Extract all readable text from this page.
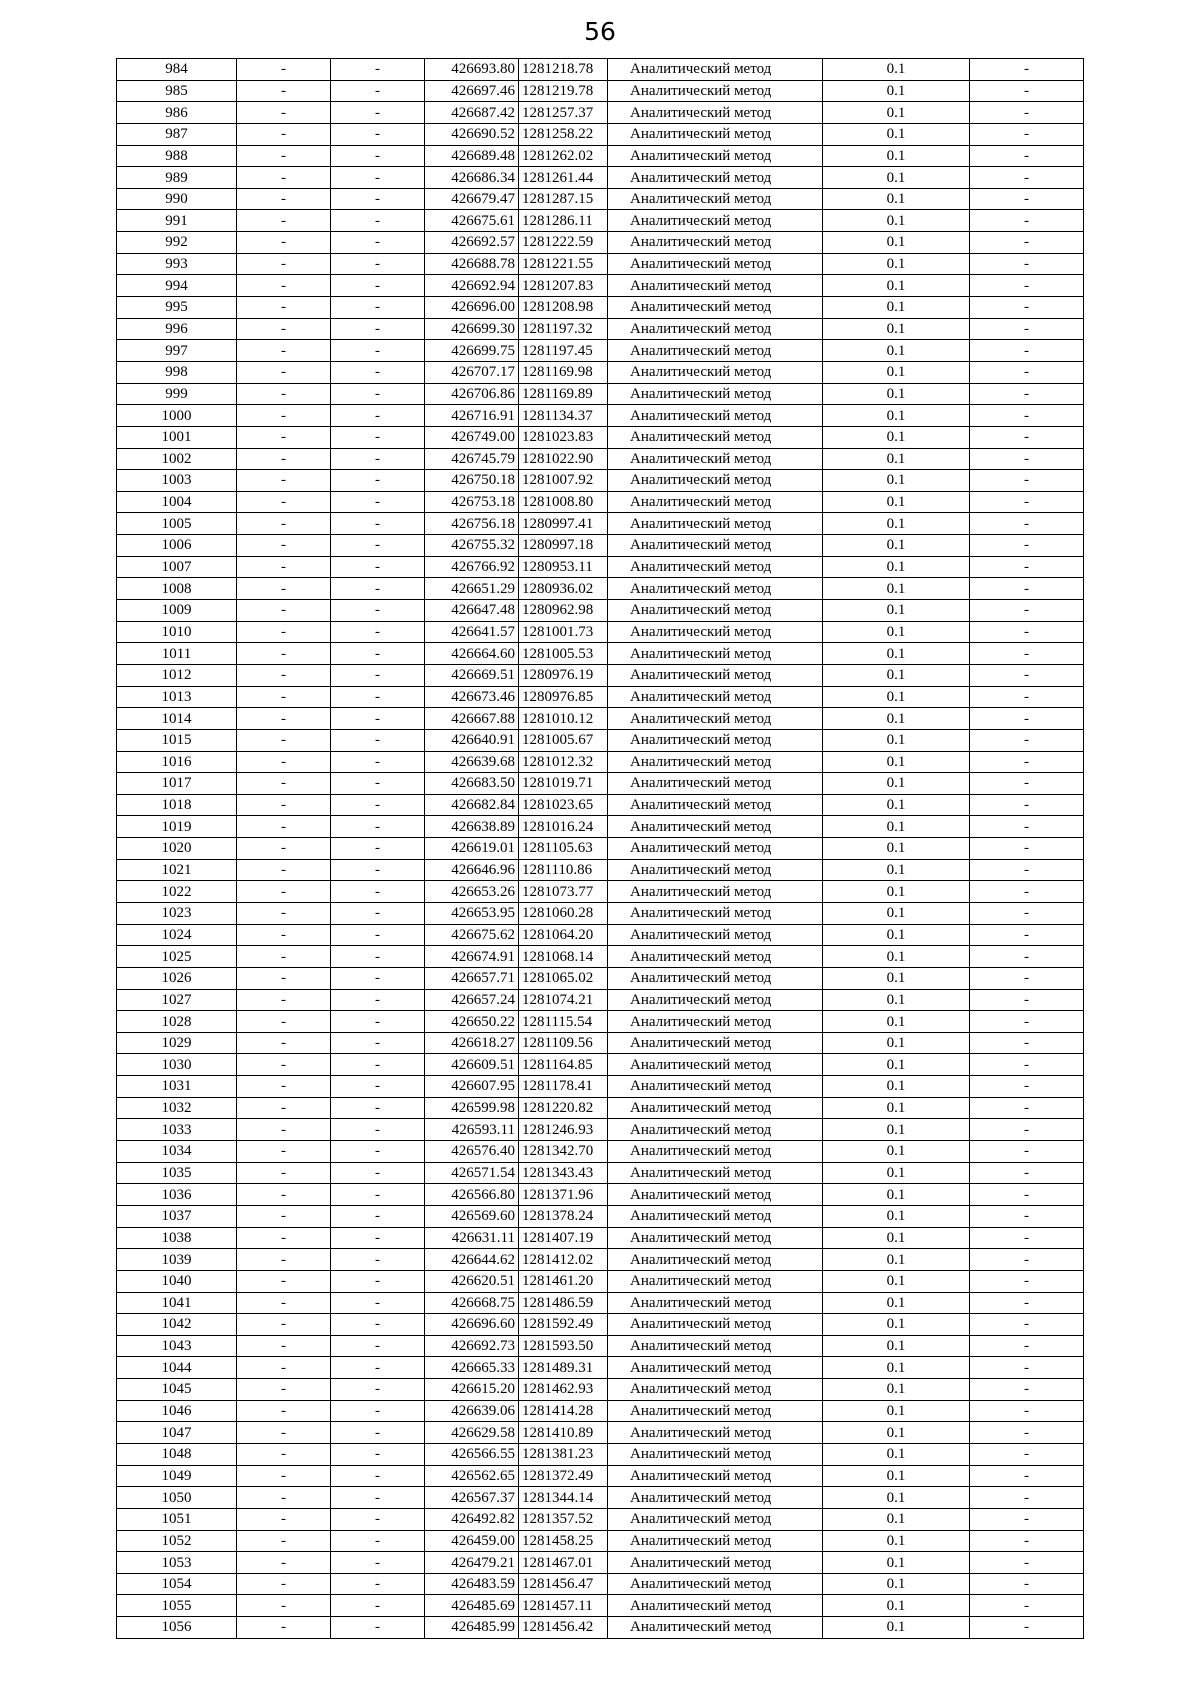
56
984	-	-	426693.80	1281218.78	Аналитический метод	0.1	-
985	-	-	426697.46	1281219.78	Аналитический метод	0.1	-
986	-	-	426687.42	1281257.37	Аналитический метод	0.1	-
987	-	-	426690.52	1281258.22	Аналитический метод	0.1	-
988	-	-	426689.48	1281262.02	Аналитический метод	0.1	-
989	-	-	426686.34	1281261.44	Аналитический метод	0.1	-
990	-	-	426679.47	1281287.15	Аналитический метод	0.1	-
991	-	-	426675.61	1281286.11	Аналитический метод	0.1	-
992	-	-	426692.57	1281222.59	Аналитический метод	0.1	-
993	-	-	426688.78	1281221.55	Аналитический метод	0.1	-
994	-	-	426692.94	1281207.83	Аналитический метод	0.1	-
995	-	-	426696.00	1281208.98	Аналитический метод	0.1	-
996	-	-	426699.30	1281197.32	Аналитический метод	0.1	-
997	-	-	426699.75	1281197.45	Аналитический метод	0.1	-
998	-	-	426707.17	1281169.98	Аналитический метод	0.1	-
999	-	-	426706.86	1281169.89	Аналитический метод	0.1	-
1000	-	-	426716.91	1281134.37	Аналитический метод	0.1	-
1001	-	-	426749.00	1281023.83	Аналитический метод	0.1	-
1002	-	-	426745.79	1281022.90	Аналитический метод	0.1	-
1003	-	-	426750.18	1281007.92	Аналитический метод	0.1	-
1004	-	-	426753.18	1281008.80	Аналитический метод	0.1	-
1005	-	-	426756.18	1280997.41	Аналитический метод	0.1	-
1006	-	-	426755.32	1280997.18	Аналитический метод	0.1	-
1007	-	-	426766.92	1280953.11	Аналитический метод	0.1	-
1008	-	-	426651.29	1280936.02	Аналитический метод	0.1	-
1009	-	-	426647.48	1280962.98	Аналитический метод	0.1	-
1010	-	-	426641.57	1281001.73	Аналитический метод	0.1	-
1011	-	-	426664.60	1281005.53	Аналитический метод	0.1	-
1012	-	-	426669.51	1280976.19	Аналитический метод	0.1	-
1013	-	-	426673.46	1280976.85	Аналитический метод	0.1	-
1014	-	-	426667.88	1281010.12	Аналитический метод	0.1	-
1015	-	-	426640.91	1281005.67	Аналитический метод	0.1	-
1016	-	-	426639.68	1281012.32	Аналитический метод	0.1	-
1017	-	-	426683.50	1281019.71	Аналитический метод	0.1	-
1018	-	-	426682.84	1281023.65	Аналитический метод	0.1	-
1019	-	-	426638.89	1281016.24	Аналитический метод	0.1	-
1020	-	-	426619.01	1281105.63	Аналитический метод	0.1	-
1021	-	-	426646.96	1281110.86	Аналитический метод	0.1	-
1022	-	-	426653.26	1281073.77	Аналитический метод	0.1	-
1023	-	-	426653.95	1281060.28	Аналитический метод	0.1	-
1024	-	-	426675.62	1281064.20	Аналитический метод	0.1	-
1025	-	-	426674.91	1281068.14	Аналитический метод	0.1	-
1026	-	-	426657.71	1281065.02	Аналитический метод	0.1	-
1027	-	-	426657.24	1281074.21	Аналитический метод	0.1	-
1028	-	-	426650.22	1281115.54	Аналитический метод	0.1	-
1029	-	-	426618.27	1281109.56	Аналитический метод	0.1	-
1030	-	-	426609.51	1281164.85	Аналитический метод	0.1	-
1031	-	-	426607.95	1281178.41	Аналитический метод	0.1	-
1032	-	-	426599.98	1281220.82	Аналитический метод	0.1	-
1033	-	-	426593.11	1281246.93	Аналитический метод	0.1	-
1034	-	-	426576.40	1281342.70	Аналитический метод	0.1	-
1035	-	-	426571.54	1281343.43	Аналитический метод	0.1	-
1036	-	-	426566.80	1281371.96	Аналитический метод	0.1	-
1037	-	-	426569.60	1281378.24	Аналитический метод	0.1	-
1038	-	-	426631.11	1281407.19	Аналитический метод	0.1	-
1039	-	-	426644.62	1281412.02	Аналитический метод	0.1	-
1040	-	-	426620.51	1281461.20	Аналитический метод	0.1	-
1041	-	-	426668.75	1281486.59	Аналитический метод	0.1	-
1042	-	-	426696.60	1281592.49	Аналитический метод	0.1	-
1043	-	-	426692.73	1281593.50	Аналитический метод	0.1	-
1044	-	-	426665.33	1281489.31	Аналитический метод	0.1	-
1045	-	-	426615.20	1281462.93	Аналитический метод	0.1	-
1046	-	-	426639.06	1281414.28	Аналитический метод	0.1	-
1047	-	-	426629.58	1281410.89	Аналитический метод	0.1	-
1048	-	-	426566.55	1281381.23	Аналитический метод	0.1	-
1049	-	-	426562.65	1281372.49	Аналитический метод	0.1	-
1050	-	-	426567.37	1281344.14	Аналитический метод	0.1	-
1051	-	-	426492.82	1281357.52	Аналитический метод	0.1	-
1052	-	-	426459.00	1281458.25	Аналитический метод	0.1	-
1053	-	-	426479.21	1281467.01	Аналитический метод	0.1	-
1054	-	-	426483.59	1281456.47	Аналитический метод	0.1	-
1055	-	-	426485.69	1281457.11	Аналитический метод	0.1	-
1056	-	-	426485.99	1281456.42	Аналитический метод	0.1	-
